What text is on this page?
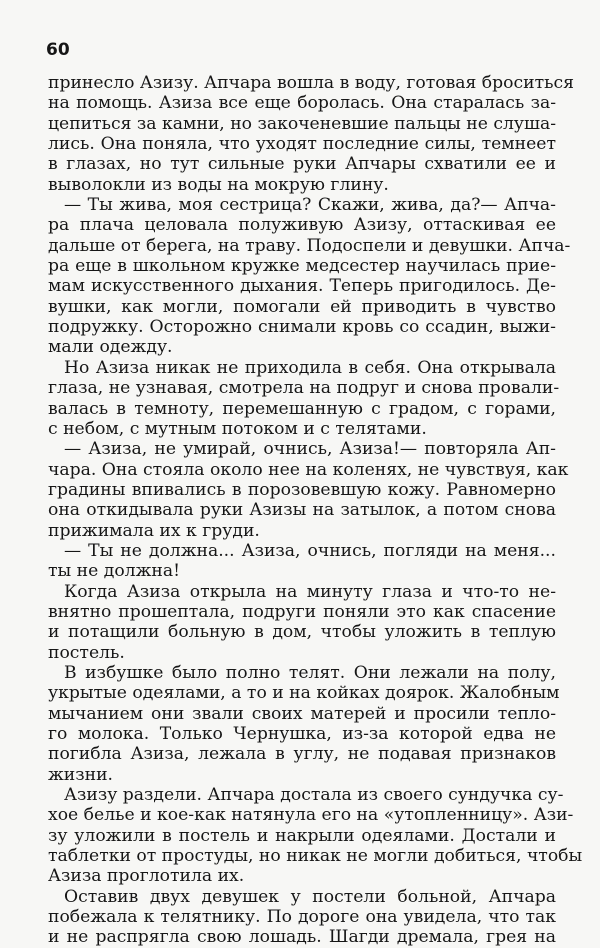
60
принесло Азизу. Апчара вошла в воду, готовая броситься
на помощь. Азиза все еще боролась. Она старалась за-
цепиться за камни, но закоченевшие пальцы не слуша-
лись. Она поняла, что уходят последние силы, темнеет
в глазах, но тут сильные руки Апчары схватили ее и
выволокли из воды на мокрую глину.
— Ты жива, моя сестрица? Скажи, жива, да?— Апча-
ра плача целовала полуживую Азизу, оттаскивая ее
дальше от берега, на траву. Подоспели и девушки. Апча-
ра еще в школьном кружке медсестер научилась прие-
мам искусственного дыхания. Теперь пригодилось. Де-
вушки, как могли, помогали ей приводить в чувство
подружку. Осторожно снимали кровь со ссадин, выжи-
мали одежду.
Но Азиза никак не приходила в себя. Она открывала
глаза, не узнавая, смотрела на подруг и снова провали-
валась в темноту, перемешанную с градом, с горами,
с небом, с мутным потоком и с телятами.
— Азиза, не умирай, очнись, Азиза!— повторяла Ап-
чара. Она стояла около нее на коленях, не чувствуя, как
градины впивались в порозовевшую кожу. Равномерно
она откидывала руки Азизы на затылок, а потом снова
прижимала их к груди.
— Ты не должна... Азиза, очнись, погляди на меня...
ты не должна!
Когда Азиза открыла на минуту глаза и что-то не-
внятно прошептала, подруги поняли это как спасение
и потащили больную в дом, чтобы уложить в теплую
постель.
В избушке было полно телят. Они лежали на полу,
укрытые одеялами, а то и на койках доярок. Жалобным
мычанием они звали своих матерей и просили тепло-
го молока. Только Чернушка, из-за которой едва не
погибла Азиза, лежала в углу, не подавая признаков
жизни.
Азизу раздели. Апчара достала из своего сундучка су-
хое белье и кое-как натянула его на «утопленницу». Ази-
зу уложили в постель и накрыли одеялами. Достали и
таблетки от простуды, но никак не могли добиться, чтобы
Азиза проглотила их.
Оставив двух девушек у постели больной, Апчара
побежала к телятнику. По дороге она увидела, что так
и не распрягла свою лошадь. Шагди дремала, грея на
